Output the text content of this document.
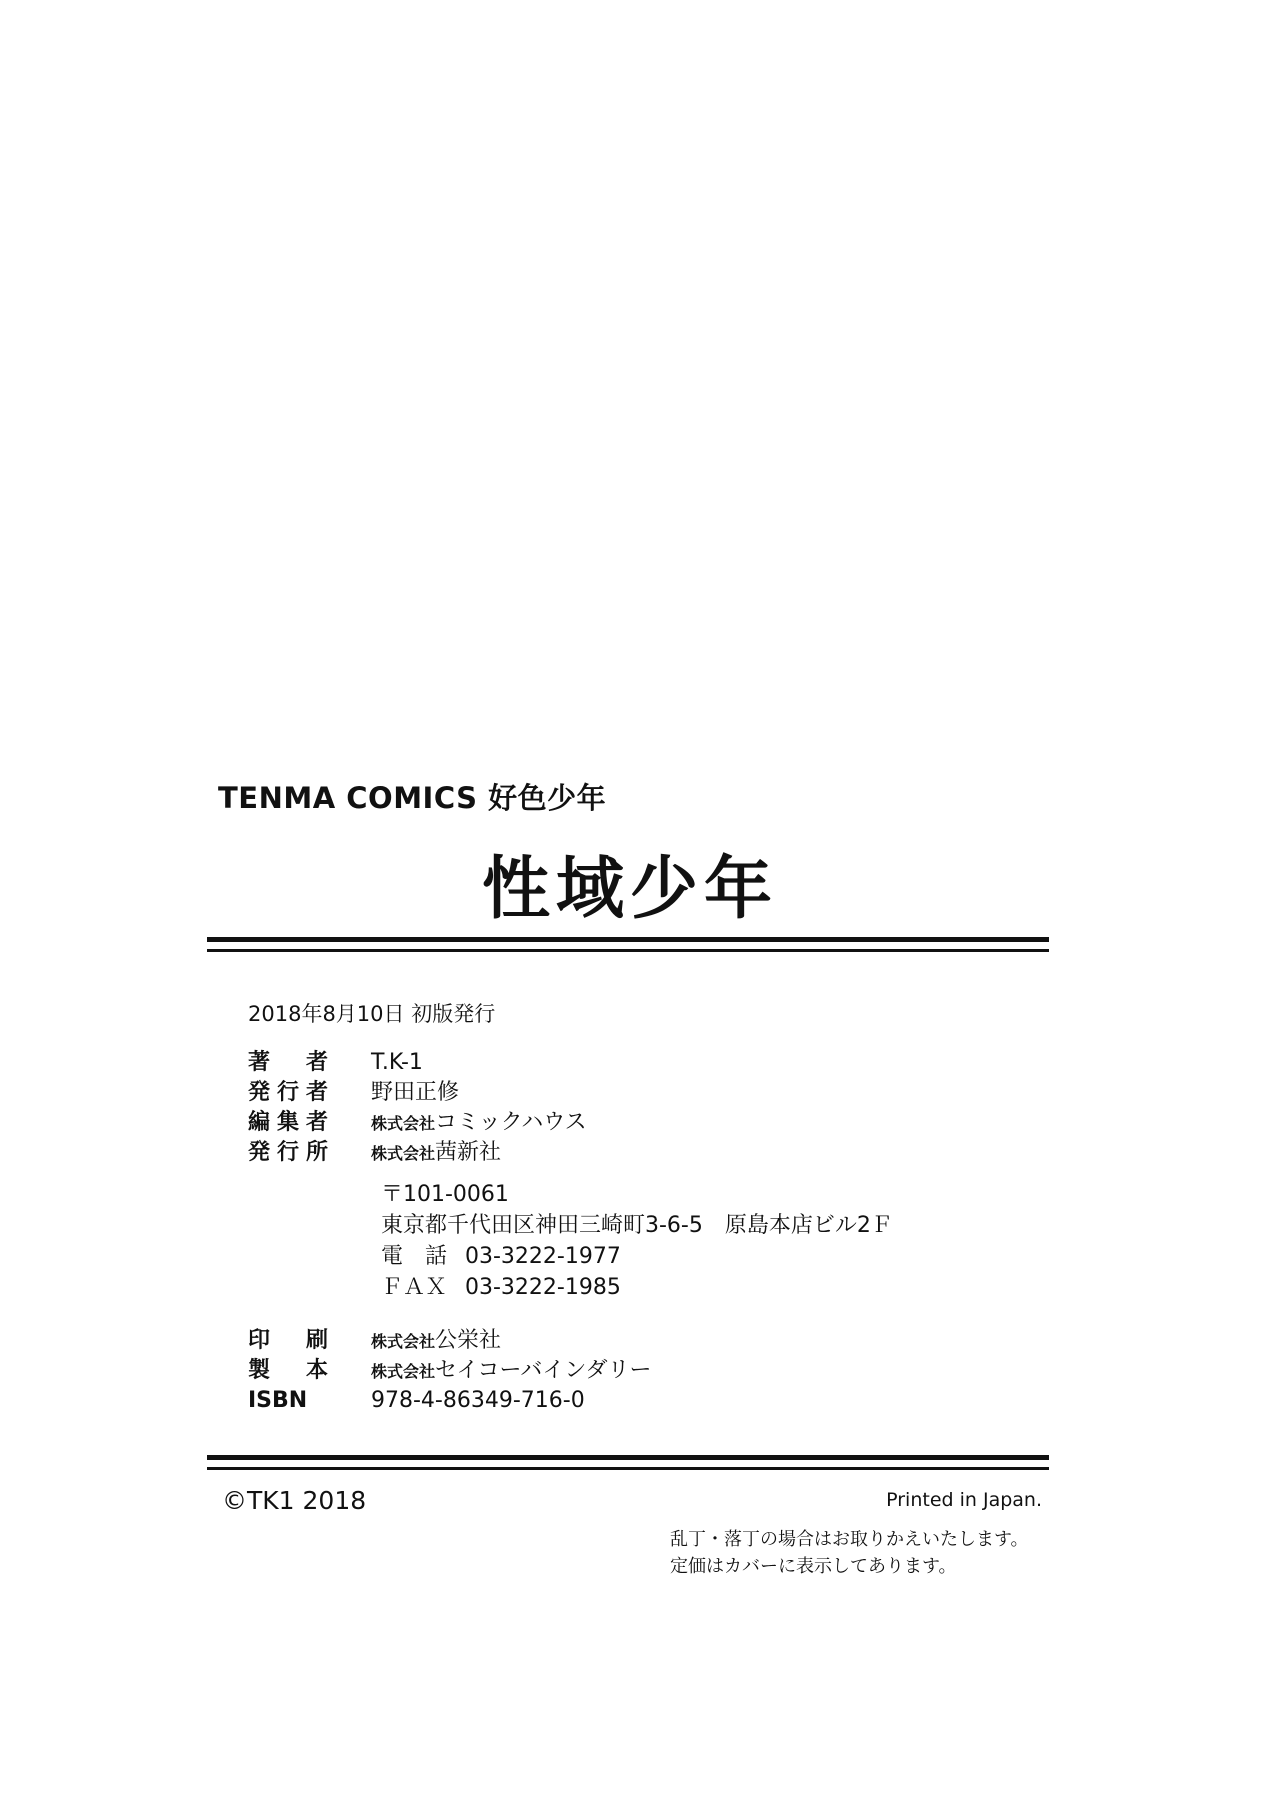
TENMA COMICS 好色少年
性域少年
2018年8月10日 初版発行
著者 T.K-1
発行者 野田正修
編集者	株式会社コミックハウス
発行所	株式会社茜新社
〒101-0061
東京都千代田区神田三崎町3-6-5　原島本店ビル2Ｆ
電話 03-3222-1977
ＦＡＸ 03-3222-1985
印刷	株式会社公栄社
製本	株式会社セイコーバインダリー
ISBN	978-4-86349-716-0
©TK1 2018	Printed in Japan.
乱丁・落丁の場合はお取りかえいたします。
定価はカバーに表示してあります。
